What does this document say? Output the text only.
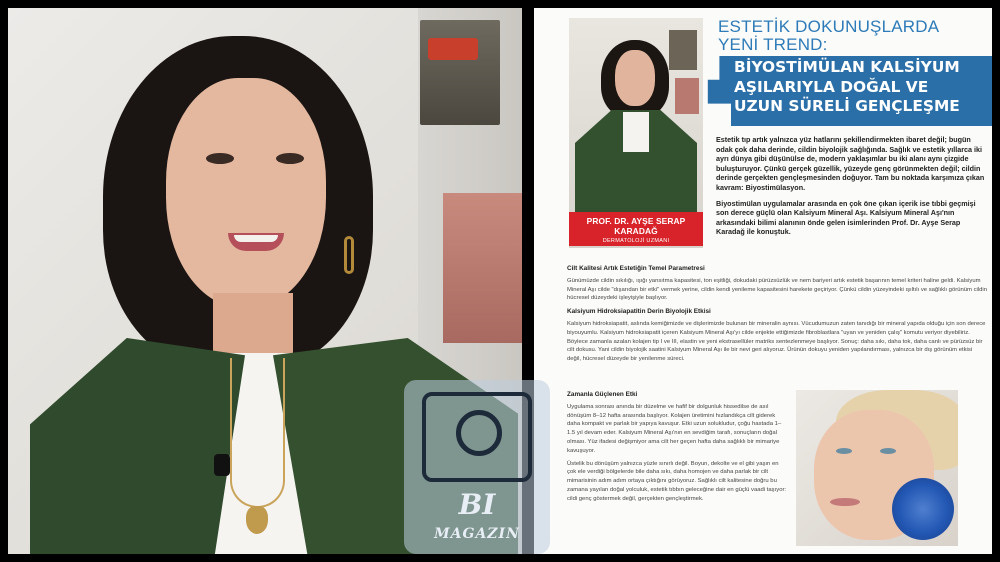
PROF. DR. AYŞE SERAP KARADAĞ
DERMATOLOJİ UZMANI
ESTETİK DOKUNUŞLARDA
YENİ TREND:
BİYOSTİMÜLAN KALSİYUM
AŞILARIYLA DOĞAL VE
UZUN SÜRELİ GENÇLEŞME

Estetik tıp artık yalnızca yüz hatlarını şekillendirmekten ibaret değil; bugün odak çok daha derinde, cildin biyolojik sağlığında. Sağlık ve estetik yıllarca iki ayrı dünya gibi düşünülse de, modern yaklaşımlar bu iki alanı aynı çizgide buluşturuyor. Çünkü gerçek güzellik, yüzeyde genç görünmekten değil; cildin derinde gerçekten gençleşmesinden doğuyor. Tam bu noktada karşımıza çıkan kavram: Biyostimülasyon.

Biyostimülan uygulamalar arasında en çok öne çıkan içerik ise tıbbi geçmişi son derece güçlü olan Kalsiyum Mineral Aşı. Kalsiyum Mineral Aşı'nın arkasındaki bilimi alanının önde gelen isimlerinden Prof. Dr. Ayşe Serap Karadağ ile konuştuk.

Cilt Kalitesi Artık Estetiğin Temel Parametresi

Günümüzde cildin sıkılığı, ışığı yansıtma kapasitesi, ton eşitliği, dokudaki pürüzsüzlük ve nem bariyeri artık estetik başarının temel kriteri haline geldi. Kalsiyum Mineral Aşı cilde "dışarıdan bir etki" vermek yerine, cildin kendi yenileme kapasitesini harekete geçiriyor. Çünkü cildin yüzeyindeki ışıltılı ve sağlıklı görünüm cildin hücresel düzeydeki işleyişiyle başlıyor.

Kalsiyum Hidroksiapatitin Derin Biyolojik Etkisi

Kalsiyum hidroksiapatit, aslında kemiğimizde ve dişlerimizde bulunan bir mineralin aynısı. Vücudumuzun zaten tanıdığı bir mineral yapıda olduğu için son derece biyouyumlu. Kalsiyum hidroksiapatit içeren Kalsiyum Mineral Aşı'yı cilde enjekte ettiğimizde fibroblastlara "uyan ve yeniden çalış" komutu veriyor diyebiliriz. Böylece zamanla azalan kolajen tip I ve III, elastin ve yeni ekstrasellüler matriks sentezlenmeye başlıyor. Sonuç: daha sıkı, daha tok, daha canlı ve pürüzsüz bir cilt dokusu. Yani cildin biyolojik saatini Kalsiyum Mineral Aşı ile bir nevi geri alıyoruz. Ürünün dokuyu yeniden yapılandırması, yalnızca bir dış görünüm etkisi değil, hücresel düzeyde bir yenilenme süreci.

Zamanla Güçlenen Etki

Uygulama sonrası anında bir düzelme ve hafif bir dolgunluk hissedilse de asıl dönüşüm 8–12 hafta arasında başlıyor. Kolajen üretimini hızlandıkça cilt giderek daha kompakt ve parlak bir yapıya kavuşur. Etki uzun solukludur, çoğu hastada 1–1.5 yıl devam eder. Kalsiyum Mineral Aşı'nın en sevdiğim tarafı, sonuçların doğal olması. Yüz ifadesi değişmiyor ama cilt her geçen hafta daha sağlıklı bir mimariye kavuşuyor.

Üstelik bu dönüşüm yalnızca yüzle sınırlı değil. Boyun, dekolte ve el gibi yaşın en çok ele verdiği bölgelerde bile daha sıkı, daha homojen ve daha parlak bir cilt mimarisinin adım adım ortaya çıktığını görüyoruz. Sağlıklı cilt kalitesine doğru bu zamana yayılan doğal yolculuk, estetik tıbbın geleceğine dair en güçlü vaadi taşıyor: cildi genç göstermek değil, gerçekten gençleştirmek.

BI
MAGAZIN
